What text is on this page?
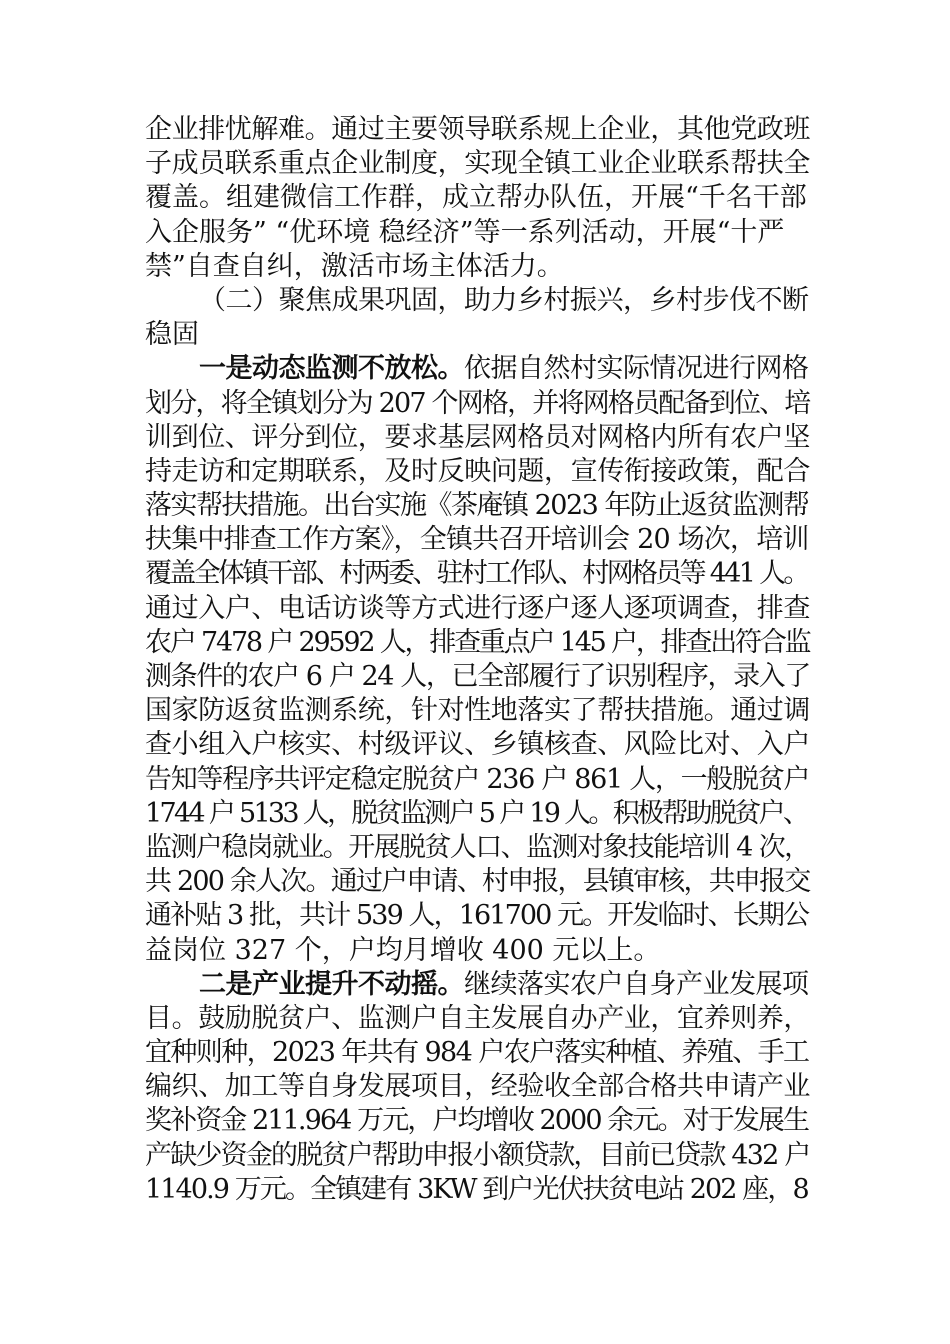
企业排忧解难。通过主要领导联系规上企业，其他党政班
子成员联系重点企业制度，实现全镇工业企业联系帮扶全
覆盖。组建微信工作群，成立帮办队伍，开展“千名干部
入企服务” “优环境 稳经济”等一系列活动，开展“十严
禁”自查自纠，激活市场主体活力。
（二）聚焦成果巩固，助力乡村振兴，乡村步伐不断
稳固
一是动态监测不放松。依据自然村实际情况进行网格
划分，将全镇划分为 207 个网格，并将网格员配备到位、培
训到位、评分到位，要求基层网格员对网格内所有农户坚
持走访和定期联系，及时反映问题，宣传衔接政策，配合
落实帮扶措施。出台实施《茶庵镇 2023 年防止返贫监测帮
扶集中排查工作方案》，全镇共召开培训会 20 场次，培训
覆盖全体镇干部、村两委、驻村工作队、村网格员等 441 人。
通过入户、电话访谈等方式进行逐户逐人逐项调查，排查
农户 7478 户 29592 人，排查重点户 145 户，排查出符合监
测条件的农户 6 户 24 人，已全部履行了识别程序，录入了
国家防返贫监测系统，针对性地落实了帮扶措施。通过调
查小组入户核实、村级评议、乡镇核查、风险比对、入户
告知等程序共评定稳定脱贫户 236 户 861 人，一般脱贫户
1744 户 5133 人，脱贫监测户 5 户 19 人。积极帮助脱贫户、
监测户稳岗就业。开展脱贫人口、监测对象技能培训 4 次，
共 200 余人次。通过户申请、村申报，县镇审核，共申报交
通补贴 3 批，共计 539 人，161700 元。开发临时、长期公
益岗位 327 个，户均月增收 400 元以上。
二是产业提升不动摇。继续落实农户自身产业发展项
目。鼓励脱贫户、监测户自主发展自办产业，宜养则养，
宜种则种，2023 年共有 984 户农户落实种植、养殖、手工
编织、加工等自身发展项目，经验收全部合格共申请产业
奖补资金 211.964 万元，户均增收 2000 余元。对于发展生
产缺少资金的脱贫户帮助申报小额贷款，目前已贷款 432 户
1140.9 万元。全镇建有 3KW 到户光伏扶贫电站 202 座，8
